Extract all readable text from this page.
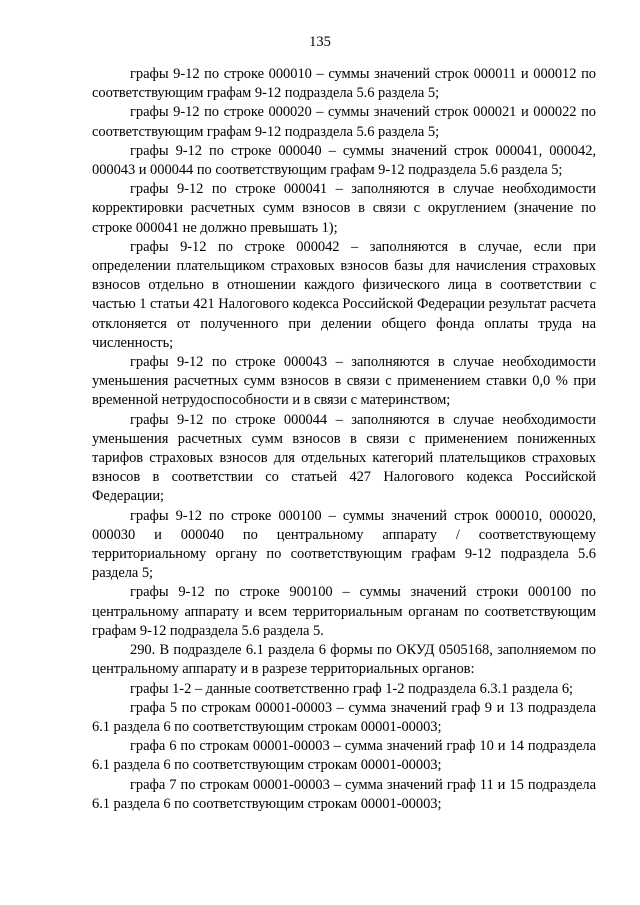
135

графы 9-12 по строке 000010 – суммы значений строк 000011 и 000012 по соответствующим графам 9-12 подраздела 5.6 раздела 5;

графы 9-12 по строке 000020 – суммы значений строк 000021 и 000022 по соответствующим графам 9-12 подраздела 5.6 раздела 5;

графы 9-12 по строке 000040 – суммы значений строк 000041, 000042, 000043 и 000044 по соответствующим графам 9-12 подраздела 5.6 раздела 5;

графы 9-12 по строке 000041 – заполняются в случае необходимости корректировки расчетных сумм взносов в связи с округлением (значение по строке 000041 не должно превышать 1);

графы 9-12 по строке 000042 – заполняются в случае, если при определении плательщиком страховых взносов базы для начисления страховых взносов отдельно в отношении каждого физического лица в соответствии с частью 1 статьи 421 Налогового кодекса Российской Федерации результат расчета отклоняется от полученного при делении общего фонда оплаты труда на численность;

графы 9-12 по строке 000043 – заполняются в случае необходимости уменьшения расчетных сумм взносов в связи с применением ставки 0,0 % при временной нетрудоспособности и в связи с материнством;

графы 9-12 по строке 000044 – заполняются в случае необходимости уменьшения расчетных сумм взносов в связи с применением пониженных тарифов страховых взносов для отдельных категорий плательщиков страховых взносов в соответствии со статьей 427 Налогового кодекса Российской Федерации;

графы 9-12 по строке 000100 – суммы значений строк 000010, 000020, 000030 и 000040 по центральному аппарату / соответствующему территориальному органу по соответствующим графам 9-12 подраздела 5.6 раздела 5;

графы 9-12 по строке 900100 – суммы значений строки 000100 по центральному аппарату и всем территориальным органам по соответствующим графам 9-12 подраздела 5.6 раздела 5.

290. В подразделе 6.1 раздела 6 формы по ОКУД 0505168, заполняемом по центральному аппарату и в разрезе территориальных органов:

графы 1-2 – данные соответственно граф 1-2 подраздела 6.3.1 раздела 6;

графа 5 по строкам 00001-00003 – сумма значений граф 9 и 13 подраздела 6.1 раздела 6 по соответствующим строкам 00001-00003;

графа 6 по строкам 00001-00003 – сумма значений граф 10 и 14 подраздела 6.1 раздела 6 по соответствующим строкам 00001-00003;

графа 7 по строкам 00001-00003 – сумма значений граф 11 и 15 подраздела 6.1 раздела 6 по соответствующим строкам 00001-00003;
